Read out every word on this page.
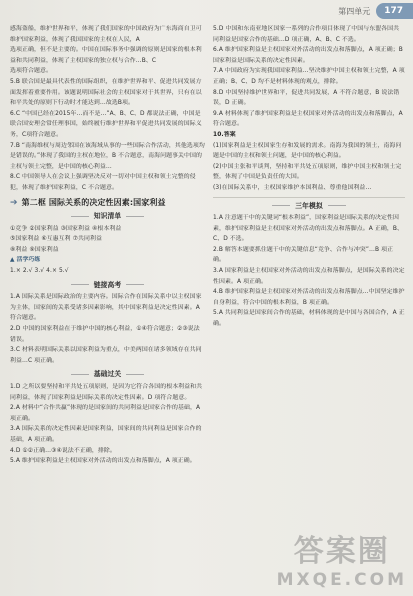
第四单元	177

感海盗船，维护世界和平，体现了我们国家的中国政府为广东海商自卫可维护国家利益，体现了我国国家的主权在人民，A

选项正确，但不是主要的。中国在国际事务中强调的原则是国家的根本利益和共同利益，体现了主权国家的独立权与合作…B、C

选项符合题意。

5.B 联合国是最具代表性的国际组织，在维护世界和平、促进共同发展方面发挥着重要作用。该题说明国际社会的主权国家对于其世界，只有在以和平共处的原则下行动时才能达到…故选B项。

6.C “中国已经在2015年…而不是…”A、B、C、D 都说法正确，中国是联合国安理会常任理事国，始终履行维护世界和平促进共同发展的国际义务，C项符合题意。

7.B “南海维权与周边邻国在该海域从事的一些国际合作活动，其他选项均是错误的。”体现了我国的主权在地位，B 不合题意，南海问题事关中国的主权与领土完整，是中国的核心利益…

8.C 中国领导人在会议上强调坚决反对一切对中国主权和领土完整的侵犯，体现了维护国家利益，C 不合题意。

➔ 第二框 国际关系的决定性因素:国家利益
知识清单

①竞争 ②国家利益 ③国家利益 ④根本利益

⑤国家利益 ⑥互惠互利 ⑦共同利益

⑧利益 ⑨国家利益

▲ 活学巧练

1.× 2.√ 3.√ 4.× 5.√

链接高考

1.A 国际关系是国际政治的主要内容。国际合作在国际关系中以主权国家为主体，国家间的关系受诸多因素影响，其中国家利益是决定性因素。A 符合题意。

2.D 中国的国家利益在于维护中国的核心利益，①④符合题意；②③说法错误。

3.C 材料表明国际关系以国家利益为重点，中美两国在诸多领域存在共同利益…C 项正确。

基础过关

1.D 之所以要坚持和平共处五项原则，是因为它符合各国的根本利益和共同利益，体现了国家利益是国际关系的决定性因素。D 项符合题意。

2.A 材料中“合作共赢”体现的是国家间的共同利益是国家合作的基础，A 项正确。

3.A 国际关系的决定性因素是国家利益，国家间的共同利益是国家合作的基础，A 项正确。

4.D ①②正确…③④说法不正确，排除。

5.A 维护国家利益是主权国家对外活动的出发点和落脚点，A 项正确。

5.D 中国和东南亚地区国家一系列的合作项目体现了中国与东盟各国共同利益是国家合作的基础…D 项正确，A、B、C 不选。

6.A 维护国家利益是主权国家对外活动的出发点和落脚点，A 项正确；B 国家利益是国际关系的决定性因素。

7.A 中国政府为实现我国国家利益…坚决维护中国主权和领土完整，A 项正确；B、C、D 均不是材料体现的观点，排除。

8.D 中国坚持维护世界和平，促进共同发展，A 不符合题意，B 说法错误，D 正确。

9.A 材料体现了维护国家利益是主权国家对外活动的出发点和落脚点，A 符合题意。

10.答案

(1)国家利益是主权国家生存和发展的需求。南海为我国的领土，南海问题是中国的主权和领土问题，是中国的核心利益。

(2)中国主张和平谈判，坚持和平共处五项原则，维护中国主权和领土完整，体现了中国是负责任的大国。

(3)在国际关系中，主权国家维护本国利益、尊重他国利益…

三年模拟

1.A 注意题干中的关键词“根本利益”，国家利益是国际关系的决定性因素，维护国家利益是主权国家对外活动的出发点和落脚点。A 正确，B、C、D 不选。

2.B 解答本题要抓住题干中的关键信息“竞争、合作与冲突”…B 项正确。

3.A 国家利益是主权国家对外活动的出发点和落脚点，是国际关系的决定性因素。A 项正确。

4.B 维护国家利益是主权国家对外活动的出发点和落脚点…中国坚定维护自身利益，符合中国的根本利益，B 项正确。

5.A 共同利益是国家间合作的基础，材料体现的是中国与各国合作，A 正确。

答案圈
MXQE.COM
